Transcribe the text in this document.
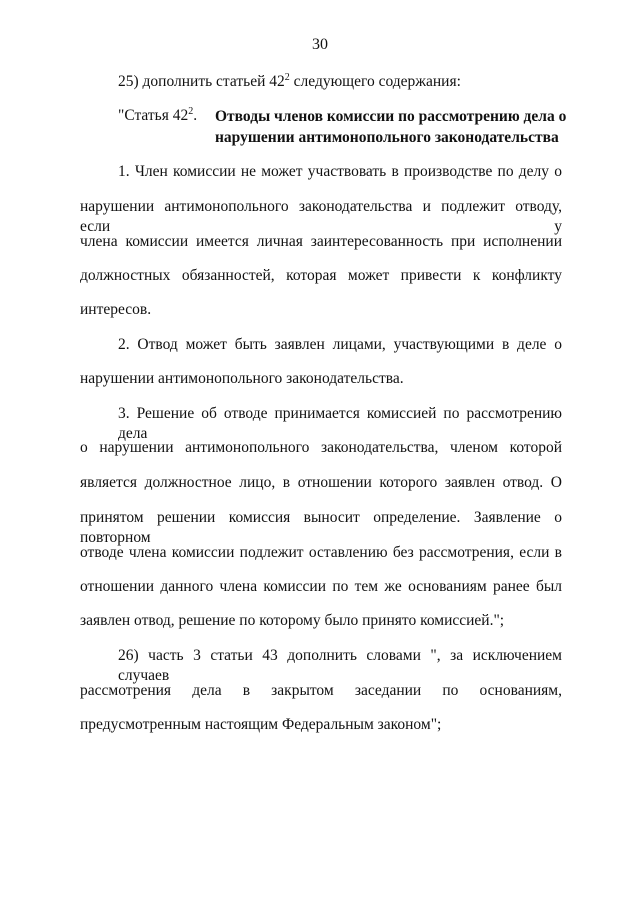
30
25) дополнить статьей $42^2$ следующего содержания:
"Статья $42^2$. Отводы членов комиссии по рассмотрению дела о
нарушении антимонопольного законодательства
1. Член комиссии не может участвовать в производстве по делу о
нарушении антимонопольного законодательства и подлежит отводу, если у
члена комиссии имеется личная заинтересованность при исполнении
должностных обязанностей, которая может привести к конфликту
интересов.
2. Отвод может быть заявлен лицами, участвующими в деле о
нарушении антимонопольного законодательства.
3. Решение об отводе принимается комиссией по рассмотрению дела
о нарушении антимонопольного законодательства, членом которой
является должностное лицо, в отношении которого заявлен отвод. О
принятом решении комиссия выносит определение. Заявление о повторном
отводе члена комиссии подлежит оставлению без рассмотрения, если в
отношении данного члена комиссии по тем же основаниям ранее был
заявлен отвод, решение по которому было принято комиссией.";
26) часть 3 статьи 43 дополнить словами ", за исключением случаев
рассмотрения дела в закрытом заседании по основаниям,
предусмотренным настоящим Федеральным законом";
